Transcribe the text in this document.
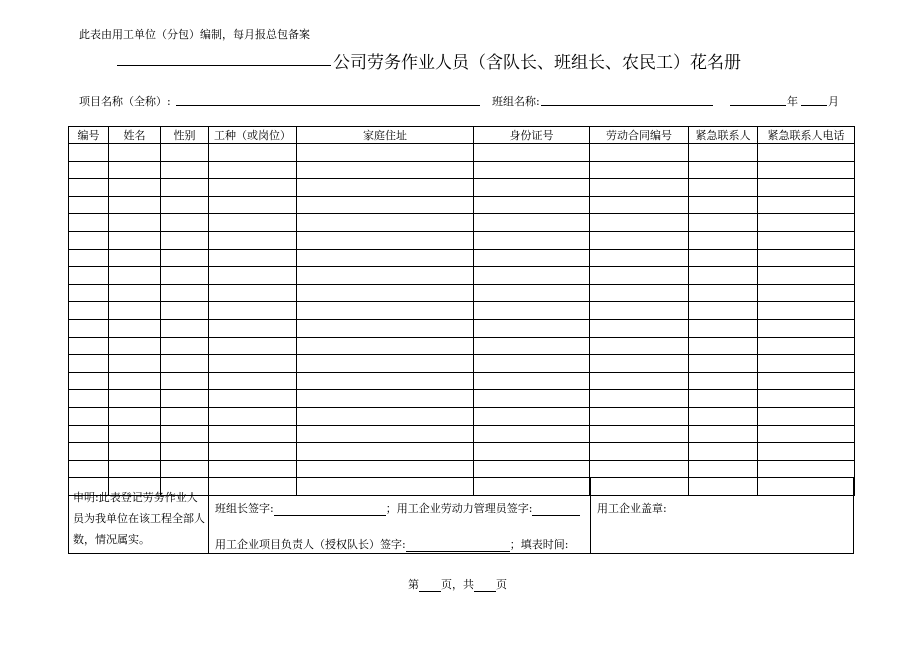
此表由用工单位（分包）编制，每月报总包备案
公司劳务作业人员（含队长、班组长、农民工）花名册
项目名称（全称）:	班组名称:	年	月
编号	姓名	性别	工种（或岗位）	家庭住址	身份证号	劳动合同编号	紧急联系人	紧急联系人电话

申明:此表登记劳务作业人员为我单位在该工程全部人数，情况属实。
班组长签字:	；用工企业劳动力管理员签字:
用工企业项目负责人（授权队长）签字:	；填表时间:
用工企业盖章:
第 页，共 页
